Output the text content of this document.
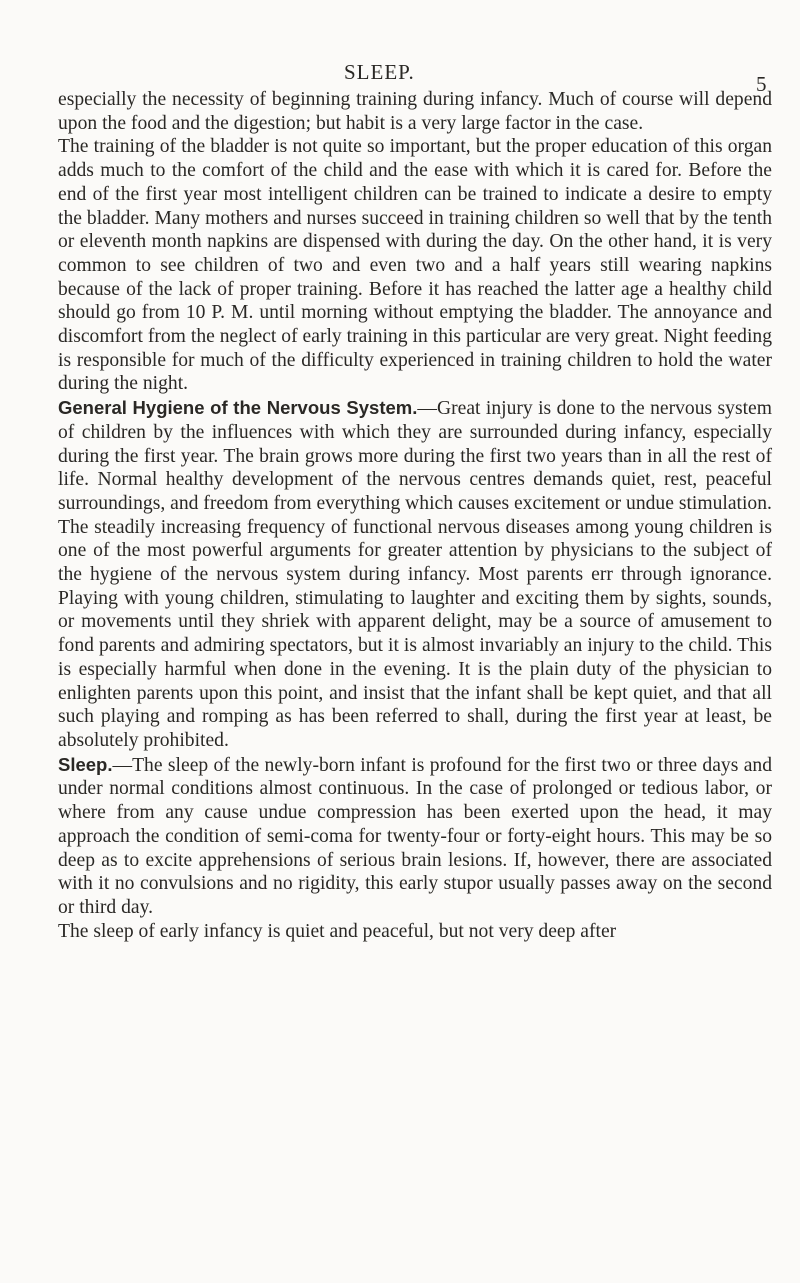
SLEEP.	5

especially the necessity of beginning training during infancy. Much of course will depend upon the food and the digestion; but habit is a very large factor in the case.

The training of the bladder is not quite so important, but the proper education of this organ adds much to the comfort of the child and the ease with which it is cared for. Before the end of the first year most intelligent children can be trained to indicate a desire to empty the bladder. Many mothers and nurses succeed in training children so well that by the tenth or eleventh month napkins are dispensed with during the day. On the other hand, it is very common to see children of two and even two and a half years still wearing napkins because of the lack of proper training. Before it has reached the latter age a healthy child should go from 10 P. M. until morning without emptying the bladder. The annoyance and discomfort from the neglect of early training in this particular are very great. Night feeding is responsible for much of the difficulty experienced in training children to hold the water during the night.

General Hygiene of the Nervous System.—Great injury is done to the nervous system of children by the influences with which they are surrounded during infancy, especially during the first year. The brain grows more during the first two years than in all the rest of life. Normal healthy development of the nervous centres demands quiet, rest, peaceful surroundings, and freedom from everything which causes excitement or undue stimulation.

The steadily increasing frequency of functional nervous diseases among young children is one of the most powerful arguments for greater attention by physicians to the subject of the hygiene of the nervous system during infancy. Most parents err through ignorance. Playing with young children, stimulating to laughter and exciting them by sights, sounds, or movements until they shriek with apparent delight, may be a source of amusement to fond parents and admiring spectators, but it is almost invariably an injury to the child. This is especially harmful when done in the evening. It is the plain duty of the physician to enlighten parents upon this point, and insist that the infant shall be kept quiet, and that all such playing and romping as has been referred to shall, during the first year at least, be absolutely prohibited.

Sleep.—The sleep of the newly-born infant is profound for the first two or three days and under normal conditions almost continuous. In the case of prolonged or tedious labor, or where from any cause undue compression has been exerted upon the head, it may approach the condition of semi-coma for twenty-four or forty-eight hours. This may be so deep as to excite apprehensions of serious brain lesions. If, however, there are associated with it no convulsions and no rigidity, this early stupor usually passes away on the second or third day.

The sleep of early infancy is quiet and peaceful, but not very deep after
